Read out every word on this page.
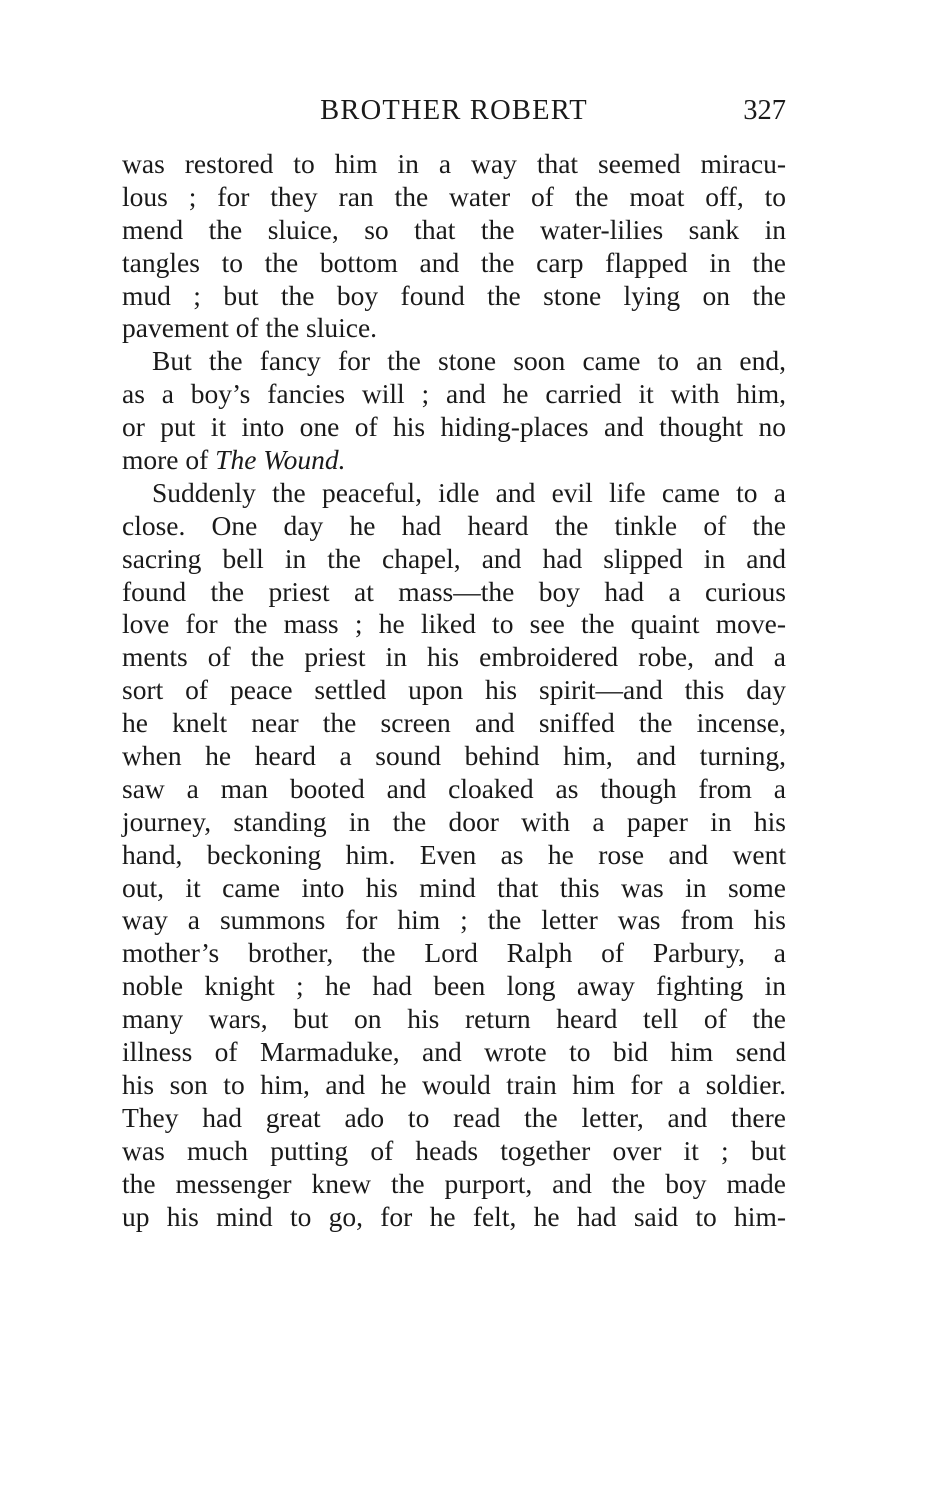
BROTHER ROBERT	327
was restored to him in a way that seemed miracu-
lous ; for they ran the water of the moat off, to
mend the sluice, so that the water-lilies sank in
tangles to the bottom and the carp flapped in the
mud ; but the boy found the stone lying on the
pavement of the sluice.
But the fancy for the stone soon came to an end,
as a boy’s fancies will ; and he carried it with him,
or put it into one of his hiding-places and thought no
more of The Wound.
Suddenly the peaceful, idle and evil life came to a
close. One day he had heard the tinkle of the
sacring bell in the chapel, and had slipped in and
found the priest at mass—the boy had a curious
love for the mass ; he liked to see the quaint move-
ments of the priest in his embroidered robe, and a
sort of peace settled upon his spirit—and this day
he knelt near the screen and sniffed the incense,
when he heard a sound behind him, and turning,
saw a man booted and cloaked as though from a
journey, standing in the door with a paper in his
hand, beckoning him. Even as he rose and went
out, it came into his mind that this was in some
way a summons for him ; the letter was from his
mother’s brother, the Lord Ralph of Parbury, a
noble knight ; he had been long away fighting in
many wars, but on his return heard tell of the
illness of Marmaduke, and wrote to bid him send
his son to him, and he would train him for a soldier.
They had great ado to read the letter, and there
was much putting of heads together over it ; but
the messenger knew the purport, and the boy made
up his mind to go, for he felt, he had said to him-
